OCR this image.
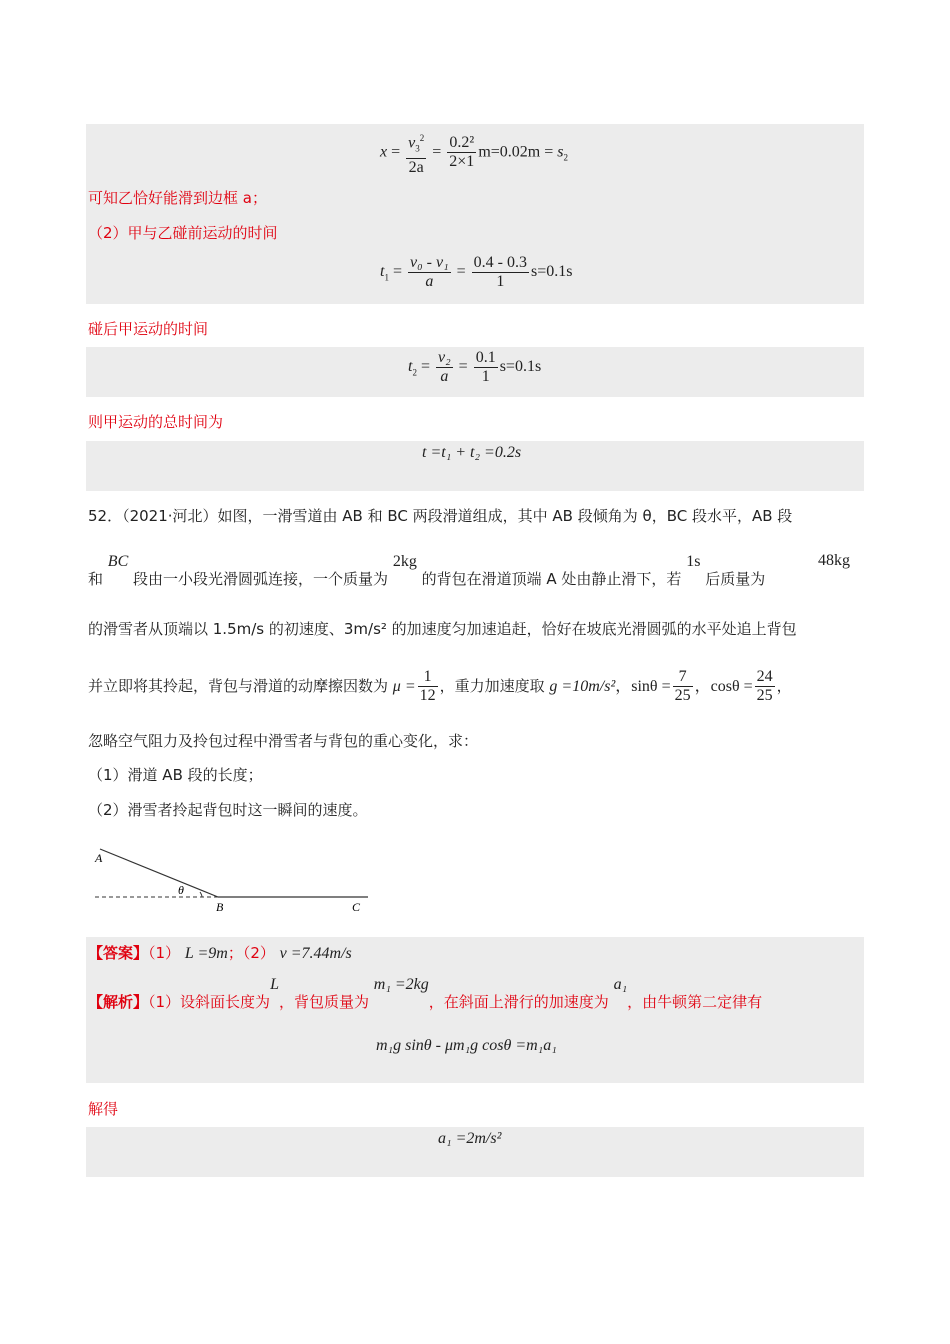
$x = \frac{v_3^2}{2a} = \frac{\text{0.2²}}{2\times 1} m=0.02m = s_2$
可知乙恰好能滑到边框 a；
（2）甲与乙碰前运动的时间
$t_1 = \frac{\text{v₀ - v₁}}{a} = \frac{0.4 - 0.3}{1} s=0.1s$
碰后甲运动的时间
$t_2 = \frac{\text{v₂}}{a} = \frac{0.1}{1} s=0.1s$
则甲运动的总时间为
t =t₁ + t₂ =0.2s
52．（2021·河北）如图，一滑雪道由 AB 和 BC 两段滑道组成，其中 AB 段倾角为 θ，BC 段水平，AB 段
和 BC 段由一小段光滑圆弧连接，一个质量为 2kg 的背包在滑道顶端 A 处由静止滑下，若 1s 后质量为
48kg
的滑雪者从顶端以 1.5m/s 的初速度、3m/s² 的加速度匀加速追赶，恰好在坡底光滑圆弧的水平处追上背包
并立即将其拎起，背包与滑道的动摩擦因数为 $\mu = \frac{1}{12}$ ，重力加速度取 g =10m/s²，$\sin\theta = \frac{7}{25}$ ，$\cos\theta = \frac{24}{25}$ ，
忽略空气阻力及拎包过程中滑雪者与背包的重心变化，求：
（1）滑道 AB 段的长度；
（2）滑雪者拎起背包时这一瞬间的速度。
A
θ
B	C
【答案】（1） L =9m；（2） v =7.44m/s
【解析】（1）设斜面长度为L，背包质量为 m₁ =2kg，在斜面上滑行的加速度为 a₁，由牛顿第二定律有
m₁g sinθ - μm₁g cosθ =m₁a₁
解得
a₁ =2m/s²
